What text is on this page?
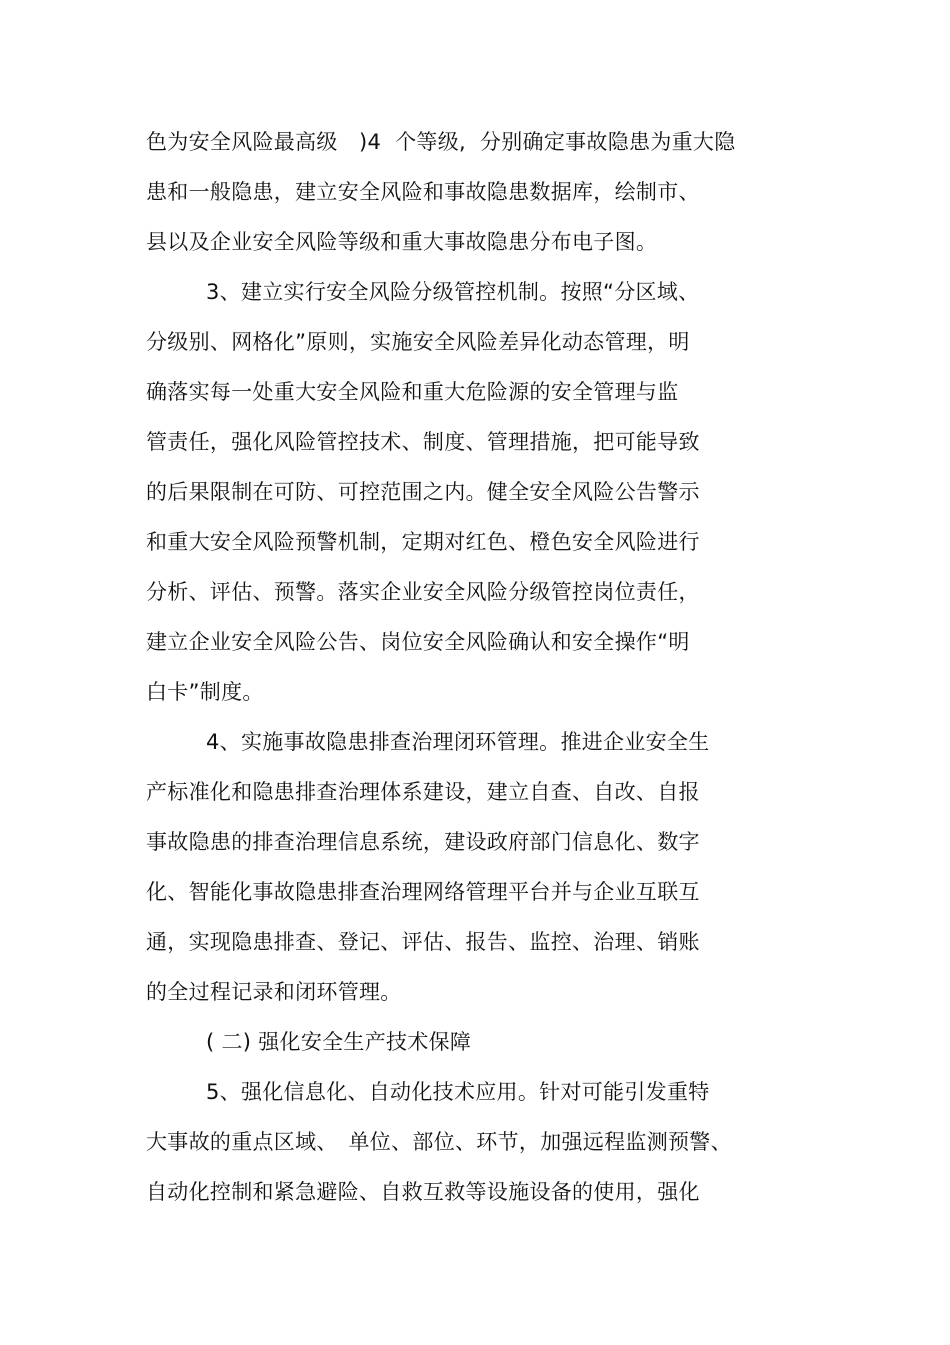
色为安全风险最高级　)4  个等级,  分别确定事故隐患为重大隐
患和一般隐患，建立安全风险和事故隐患数据库，绘制市、
县以及企业安全风险等级和重大事故隐患分布电子图。
3、建立实行安全风险分级管控机制。按照“分区域、
分级别、网格化”原则，实施安全风险差异化动态管理，明
确落实每一处重大安全风险和重大危险源的安全管理与监
管责任，强化风险管控技术、制度、管理措施，把可能导致
的后果限制在可防、可控范围之内。健全安全风险公告警示
和重大安全风险预警机制，定期对红色、橙色安全风险进行
分析、评估、预警。落实企业安全风险分级管控岗位责任，
建立企业安全风险公告、岗位安全风险确认和安全操作“明
白卡”制度。
4、实施事故隐患排查治理闭环管理。推进企业安全生
产标准化和隐患排查治理体系建设，建立自查、自改、自报
事故隐患的排查治理信息系统，建设政府部门信息化、数字
化、智能化事故隐患排查治理网络管理平台并与企业互联互
通，实现隐患排查、登记、评估、报告、监控、治理、销账
的全过程记录和闭环管理。
( 二) 强化安全生产技术保障
5、强化信息化、自动化技术应用。针对可能引发重特
大事故的重点区域、　单位、部位、环节，加强远程监测预警、
自动化控制和紧急避险、自救互救等设施设备的使用，强化
